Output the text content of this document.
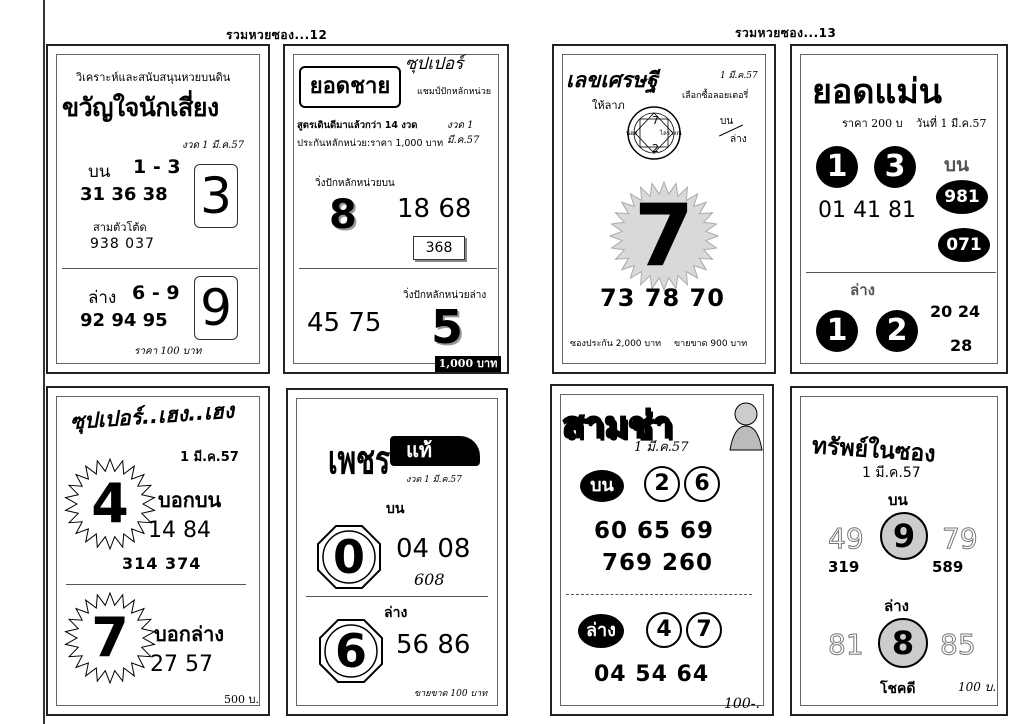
รวมหวยซอง...12	รวมหวยซอง...13
วิเคราะห์และสนับสนุนหวยบนดิน
ขวัญใจนักเสี่ยง
งวด 1 มี.ค.57
บน 1 - 3
31 36 38
สามตัวโต้ด
938 037
3
ล่าง 6 - 9
92 94 95 9
ราคา 100 บาท
ยอดชาย
ซุปเปอร์
แชมป์ปักหลักหน่วย
สูตรเดินดีมาแล้วกว่า 14 งวด	งวด 1 มี.ค.57
ประกันหลักหน่วย:ราคา 1,000 บาท
วิ่งปักหลักหน่วยบน
8 18 68
368
วิ่งปักหลักหน่วยล่าง
45 75 5
1,000 บาท
เลขเศรษฐี	1 มี.ค.57
ให้ลาภ
เลือกซื้อลอยเตอรี่
7
2
น้อย	ไลรวงณ
บน
ล่าง
7
73 78 70
ซองประกัน 2,000 บาท ขายขาด 900 บาท
ยอดแม่น
ราคา 200 บ วันที่ 1 มี.ค.57
1	3	บน
981
01 41 81
071
ล่าง
1	2
20 24
28
ซุปเปอร์..เฮง..เฮง
1 มี.ค.57
4	บอกบน
14 84
314 374
7	บอกล่าง
27 57
500 บ.
เพชร แท้
งวด 1 มี.ค.57
บน
0	04 08
608
ล่าง
6	56 86
ขายขาด 100 บาท
สามช่า
1 มี.ค.57
บน	2	6
60 65 69
769 260
ล่าง	4	7
04 54 64
100-.
ทรัพย์ในซอง
1 มี.ค.57
บน
49 9 79
319	589
ล่าง
81 8 85
โชคดี	100 บ.
